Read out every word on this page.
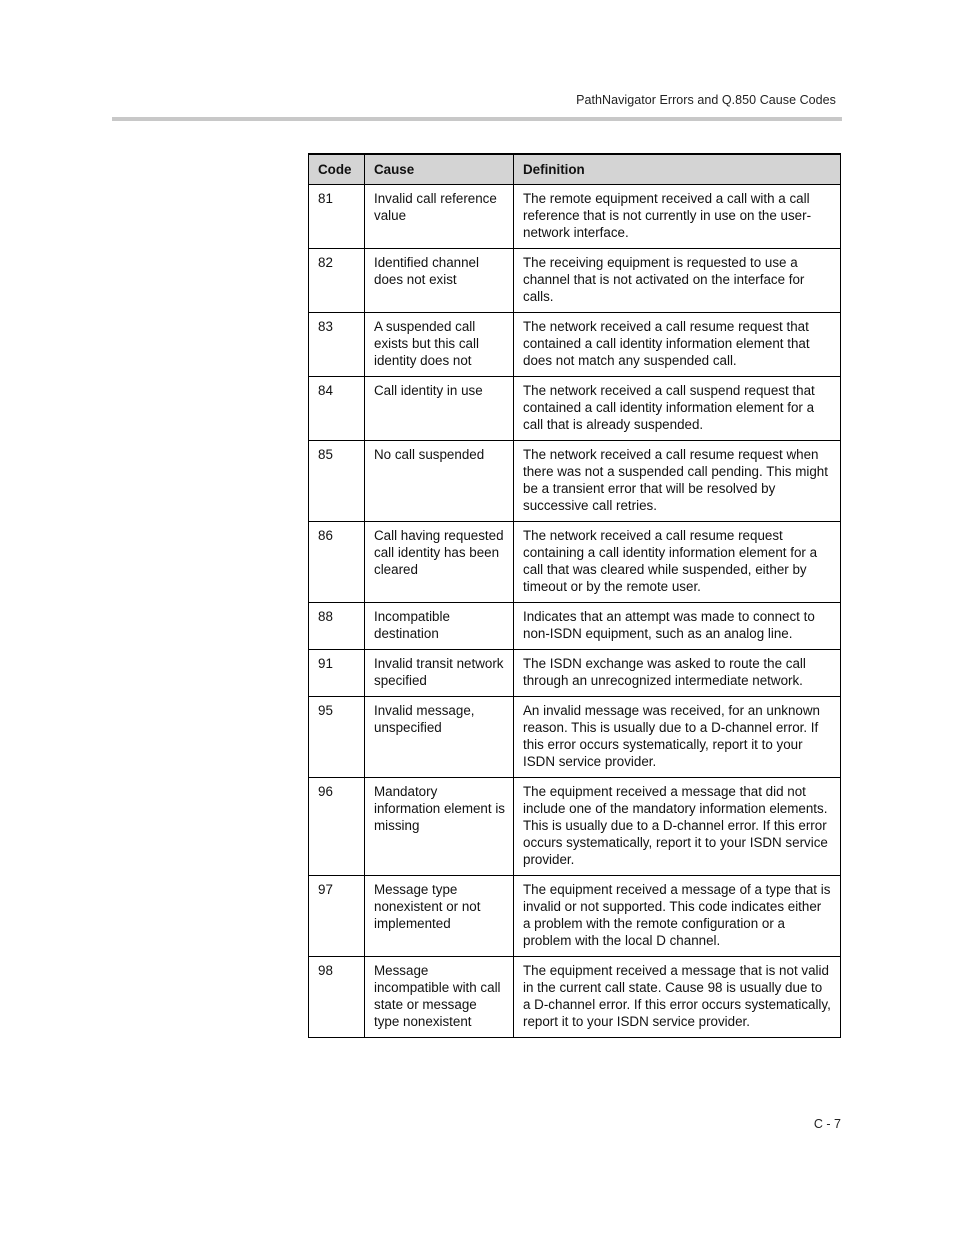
PathNavigator Errors and Q.850 Cause Codes
Code	Cause	Definition
81	Invalid call reference value	The remote equipment received a call with a call reference that is not currently in use on the user-network interface.
82	Identified channel does not exist	The receiving equipment is requested to use a channel that is not activated on the interface for calls.
83	A suspended call exists but this call identity does not	The network received a call resume request that contained a call identity information element that does not match any suspended call.
84	Call identity in use	The network received a call suspend request that contained a call identity information element for a call that is already suspended.
85	No call suspended	The network received a call resume request when there was not a suspended call pending. This might be a transient error that will be resolved by successive call retries.
86	Call having requested call identity has been cleared	The network received a call resume request containing a call identity information element for a call that was cleared while suspended, either by timeout or by the remote user.
88	Incompatible destination	Indicates that an attempt was made to connect to non-ISDN equipment, such as an analog line.
91	Invalid transit network specified	The ISDN exchange was asked to route the call through an unrecognized intermediate network.
95	Invalid message, unspecified	An invalid message was received, for an unknown reason. This is usually due to a D-channel error. If this error occurs systematically, report it to your ISDN service provider.
96	Mandatory information element is missing	The equipment received a message that did not include one of the mandatory information elements. This is usually due to a D-channel error. If this error occurs systematically, report it to your ISDN service provider.
97	Message type nonexistent or not implemented	The equipment received a message of a type that is invalid or not supported. This code indicates either a problem with the remote configuration or a problem with the local D channel.
98	Message incompatible with call state or message type nonexistent	The equipment received a message that is not valid in the current call state. Cause 98 is usually due to a D-channel error. If this error occurs systematically, report it to your ISDN service provider.
C - 7
